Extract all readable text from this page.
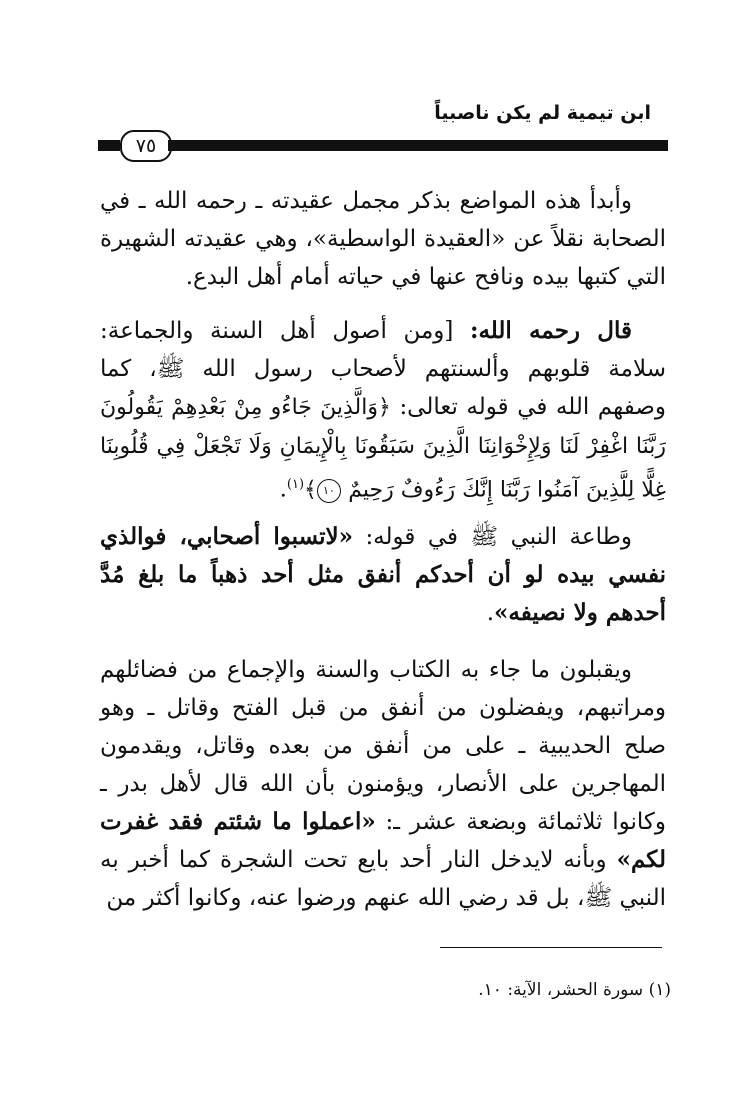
ابن تيمية لم يكن ناصبياً
٧٥
وأبدأ هذه المواضع بذكر مجمل عقيدته ـ رحمه الله ـ في الصحابة نقلاً عن «العقيدة الواسطية»، وهي عقيدته الشهيرة التي كتبها بيده ونافح عنها في حياته أمام أهل البدع.
قال رحمه الله: [ومن أصول أهل السنة والجماعة: سلامة قلوبهم وألسنتهم لأصحاب رسول الله ﷺ، كما وصفهم الله في قوله تعالى: ﴿وَالَّذِينَ جَاءُو مِنْ بَعْدِهِمْ يَقُولُونَ رَبَّنَا اغْفِرْ لَنَا وَلِإِخْوَانِنَا الَّذِينَ سَبَقُونَا بِالْإِيمَانِ وَلَا تَجْعَلْ فِي قُلُوبِنَا غِلًّا لِلَّذِينَ آمَنُوا رَبَّنَا إِنَّكَ رَءُوفٌ رَحِيمٌ ١٠﴾$^{(١)}$.
وطاعة النبي ﷺ في قوله: «لاتسبوا أصحابي، فوالذي نفسي بيده لو أن أحدكم أنفق مثل أحد ذهباً ما بلغ مُدَّ أحدهم ولا نصيفه».
ويقبلون ما جاء به الكتاب والسنة والإجماع من فضائلهم ومراتبهم، ويفضلون من أنفق من قبل الفتح وقاتل ـ وهو صلح الحديبية ـ على من أنفق من بعده وقاتل، ويقدمون المهاجرين على الأنصار، ويؤمنون بأن الله قال لأهل بدر ـ وكانوا ثلاثمائة وبضعة عشر ـ: «اعملوا ما شئتم فقد غفرت لكم» وبأنه لايدخل النار أحد بايع تحت الشجرة كما أخبر به النبي ﷺ، بل قد رضي الله عنهم ورضوا عنه، وكانوا أكثر من
(١) سورة الحشر، الآية: ١٠.
